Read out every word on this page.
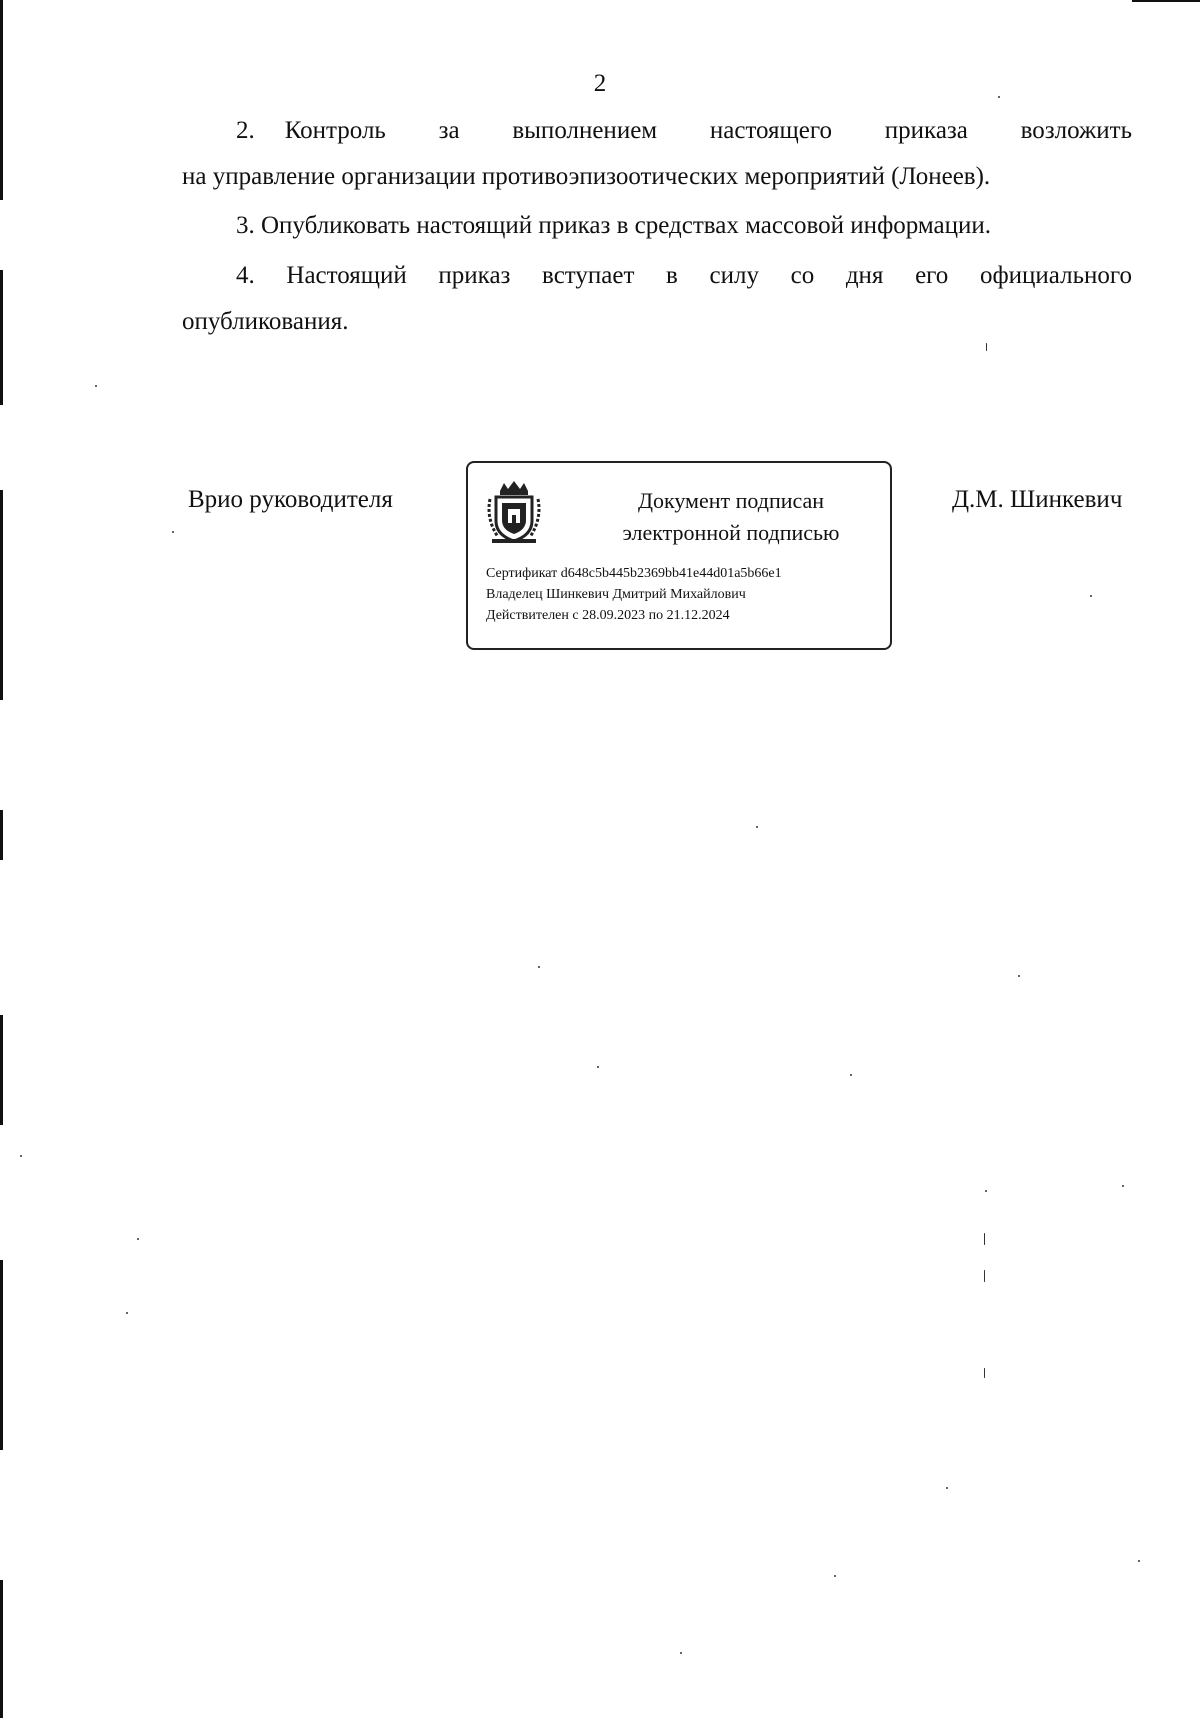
2
2. Контроль за выполнением настоящего приказа возложить
на управление организации противоэпизоотических мероприятий (Лонеев).
3. Опубликовать настоящий приказ в средствах массовой информации.
4. Настоящий приказ вступает в силу со дня его официального
опубликования.
Врио руководителя	Документ подписан
электронной подписью
Сертификат d648c5b445b2369bb41e44d01a5b66e1
Владелец Шинкевич Дмитрий Михайлович
Действителен с 28.09.2023 по 21.12.2024
Д.М. Шинкевич
